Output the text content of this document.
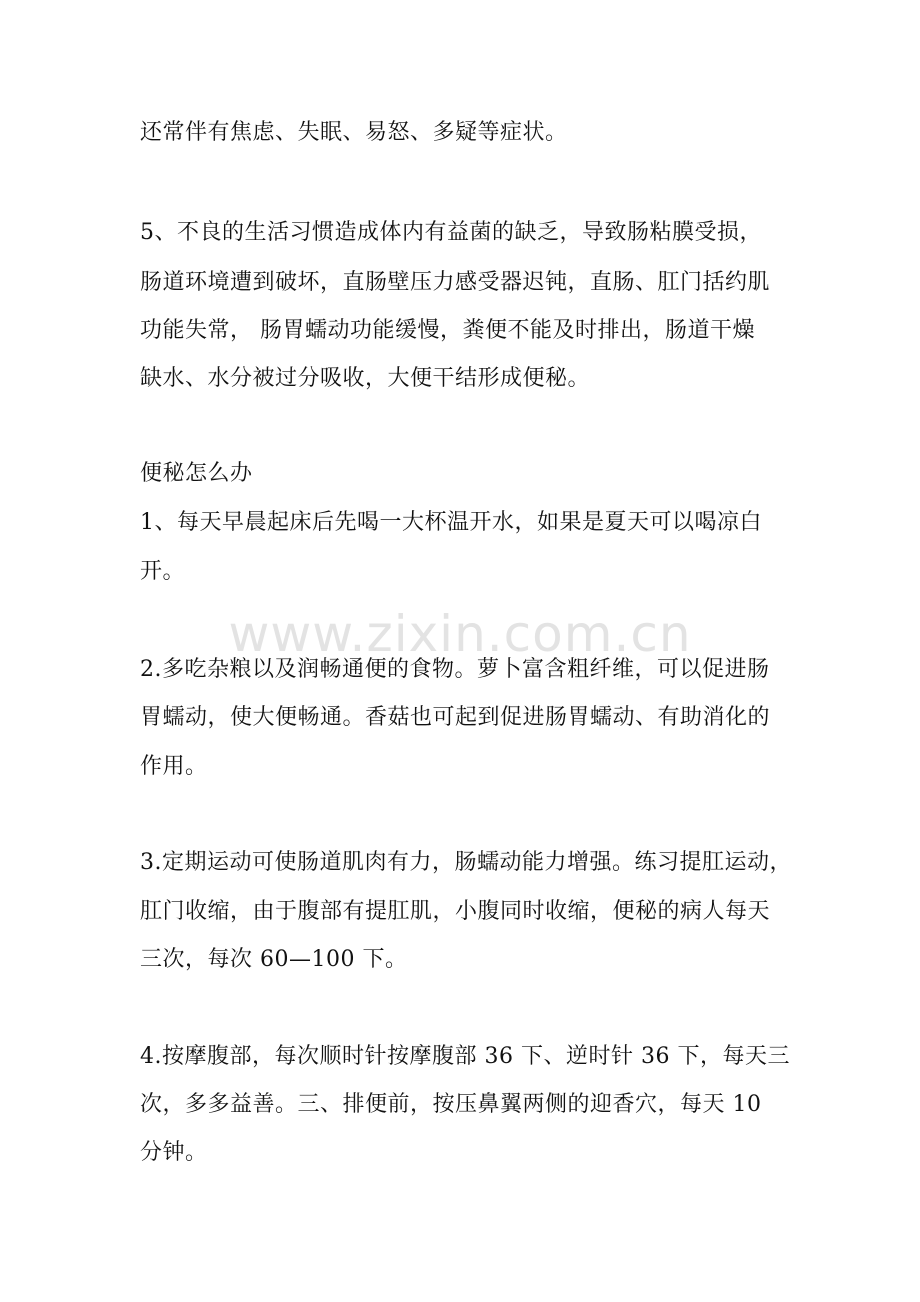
www.zixin.com.cn
还常伴有焦虑、失眠、易怒、多疑等症状。
5、不良的生活习惯造成体内有益菌的缺乏，导致肠粘膜受损，
肠道环境遭到破坏，直肠壁压力感受器迟钝，直肠、肛门括约肌
功能失常， 肠胃蠕动功能缓慢，粪便不能及时排出，肠道干燥
缺水、水分被过分吸收，大便干结形成便秘。
便秘怎么办
1、每天早晨起床后先喝一大杯温开水，如果是夏天可以喝凉白
开。
2.多吃杂粮以及润畅通便的食物。萝卜富含粗纤维，可以促进肠
胃蠕动，使大便畅通。香菇也可起到促进肠胃蠕动、有助消化的
作用。
3.定期运动可使肠道肌肉有力，肠蠕动能力增强。练习提肛运动，
肛门收缩，由于腹部有提肛肌，小腹同时收缩，便秘的病人每天
三次，每次 60—100 下。
4.按摩腹部，每次顺时针按摩腹部 36 下、逆时针 36 下，每天三
次，多多益善。三、排便前，按压鼻翼两侧的迎香穴，每天 10
分钟。
